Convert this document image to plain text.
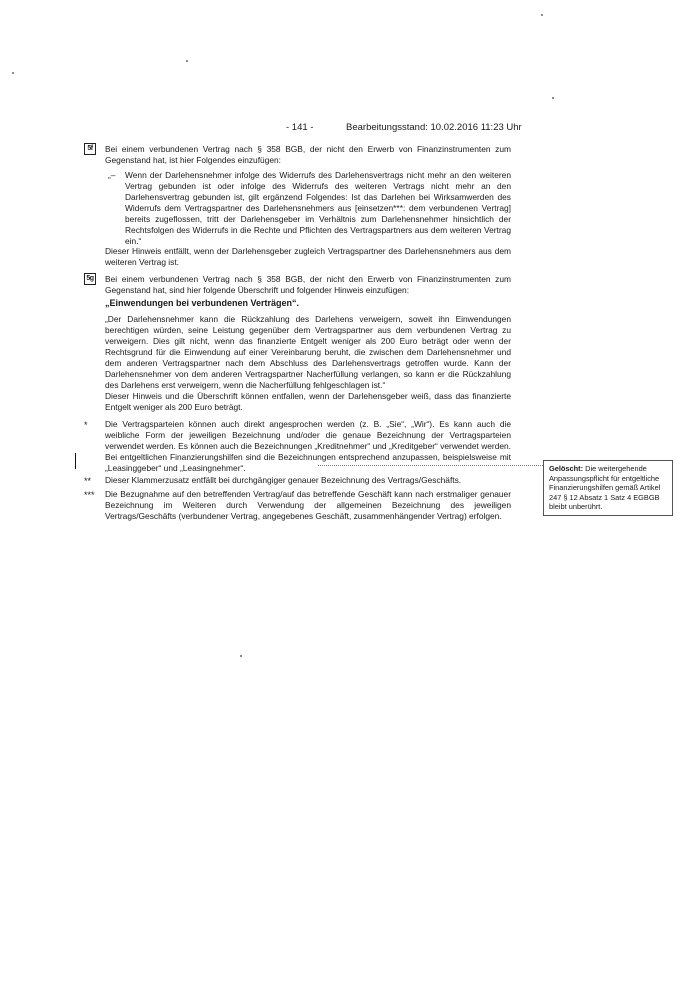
- 141 -	Bearbeitungsstand: 10.02.2016 11:23 Uhr
5f	Bei einem verbundenen Vertrag nach § 358 BGB, der nicht den Erwerb von Finanzinstrumenten zum Gegenstand hat, ist hier Folgendes einzufügen:

„– Wenn der Darlehensnehmer infolge des Widerrufs des Darlehensvertrags nicht mehr an den weiteren Vertrag gebunden ist oder infolge des Widerrufs des weiteren Vertrags nicht mehr an den Darlehensvertrag gebunden ist, gilt ergänzend Folgendes: Ist das Darlehen bei Wirksamwerden des Widerrufs dem Vertragspartner des Darlehensnehmers aus [einsetzen***: dem verbundenen Vertrag] bereits zugeflossen, tritt der Darlehensgeber im Verhältnis zum Darlehensnehmer hinsichtlich der Rechtsfolgen des Widerrufs in die Rechte und Pflichten des Vertragspartners aus dem weiteren Vertrag ein.“

Dieser Hinweis entfällt, wenn der Darlehensgeber zugleich Vertragspartner des Darlehensnehmers aus dem weiteren Vertrag ist.

5g Bei einem verbundenen Vertrag nach § 358 BGB, der nicht den Erwerb von Finanzinstrumenten zum Gegenstand hat, sind hier folgende Überschrift und folgender Hinweis einzufügen:

„Einwendungen bei verbundenen Verträgen“.

„Der Darlehensnehmer kann die Rückzahlung des Darlehens verweigern, soweit ihn Einwendungen berechtigen würden, seine Leistung gegenüber dem Vertragspartner aus dem verbundenen Vertrag zu verweigern. Dies gilt nicht, wenn das finanzierte Entgelt weniger als 200 Euro beträgt oder wenn der Rechtsgrund für die Einwendung auf einer Vereinbarung beruht, die zwischen dem Darlehensnehmer und dem anderen Vertragspartner nach dem Abschluss des Darlehensvertrags getroffen wurde. Kann der Darlehensnehmer von dem anderen Vertragspartner Nacherfüllung verlangen, so kann er die Rückzahlung des Darlehens erst verweigern, wenn die Nacherfüllung fehlgeschlagen ist.“

Dieser Hinweis und die Überschrift können entfallen, wenn der Darlehensgeber weiß, dass das finanzierte Entgelt weniger als 200 Euro beträgt.

* Die Vertragsparteien können auch direkt angesprochen werden (z. B. „Sie“, „Wir“). Es kann auch die weibliche Form der jeweiligen Bezeichnung und/oder die genaue Bezeichnung der Vertragsparteien verwendet werden. Es können auch die Bezeichnungen „Kreditnehmer“ und „Kreditgeber“ verwendet werden. Bei entgeltlichen Finanzierungshilfen sind die Bezeichnungen entsprechend anzupassen, beispielsweise mit „Leasinggeber“ und „Leasingnehmer“.

** Dieser Klammerzusatz entfällt bei durchgängiger genauer Bezeichnung des Vertrags/Geschäfts.

*** Die Bezugnahme auf den betreffenden Vertrag/auf das betreffende Geschäft kann nach erstmaliger genauer Bezeichnung im Weiteren durch Verwendung der allgemeinen Bezeichnung des jeweiligen Vertrags/Geschäfts (verbundener Vertrag, angegebenes Geschäft, zusammenhängender Vertrag) erfolgen.

Gelöscht: Die weitergehende Anpassungspflicht für entgeltliche Finanzierungshilfen gemäß Artikel 247 § 12 Absatz 1 Satz 4 EGBGB bleibt unberührt.
